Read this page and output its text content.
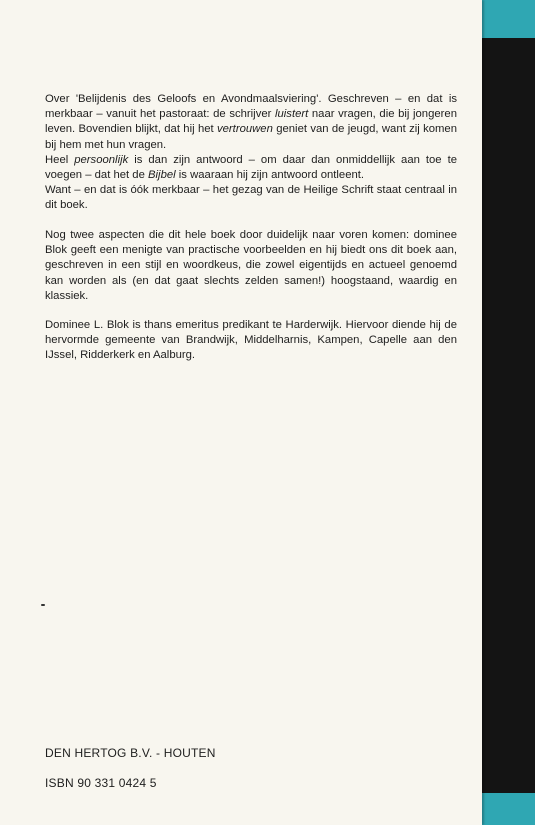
Over 'Belijdenis des Geloofs en Avondmaalsviering'. Geschreven – en dat is merkbaar – vanuit het pastoraat: de schrijver luistert naar vragen, die bij jongeren leven. Bovendien blijkt, dat hij het vertrouwen geniet van de jeugd, want zij komen bij hem met hun vragen.

Heel persoonlijk is dan zijn antwoord – om daar dan onmiddellijk aan toe te voegen – dat het de Bijbel is waaraan hij zijn antwoord ontleent.

Want – en dat is óók merkbaar – het gezag van de Heilige Schrift staat centraal in dit boek.

Nog twee aspecten die dit hele boek door duidelijk naar voren komen: dominee Blok geeft een menigte van practische voorbeelden en hij biedt ons dit boek aan, geschreven in een stijl en woordkeus, die zowel eigentijds en actueel genoemd kan worden als (en dat gaat slechts zelden samen!) hoogstaand, waardig en klassiek.

Dominee L. Blok is thans emeritus predikant te Harderwijk. Hiervoor diende hij de hervormde gemeente van Brandwijk, Middelharnis, Kampen, Capelle aan den IJssel, Ridderkerk en Aalburg.

DEN HERTOG B.V. - HOUTEN
ISBN 90 331 0424 5
